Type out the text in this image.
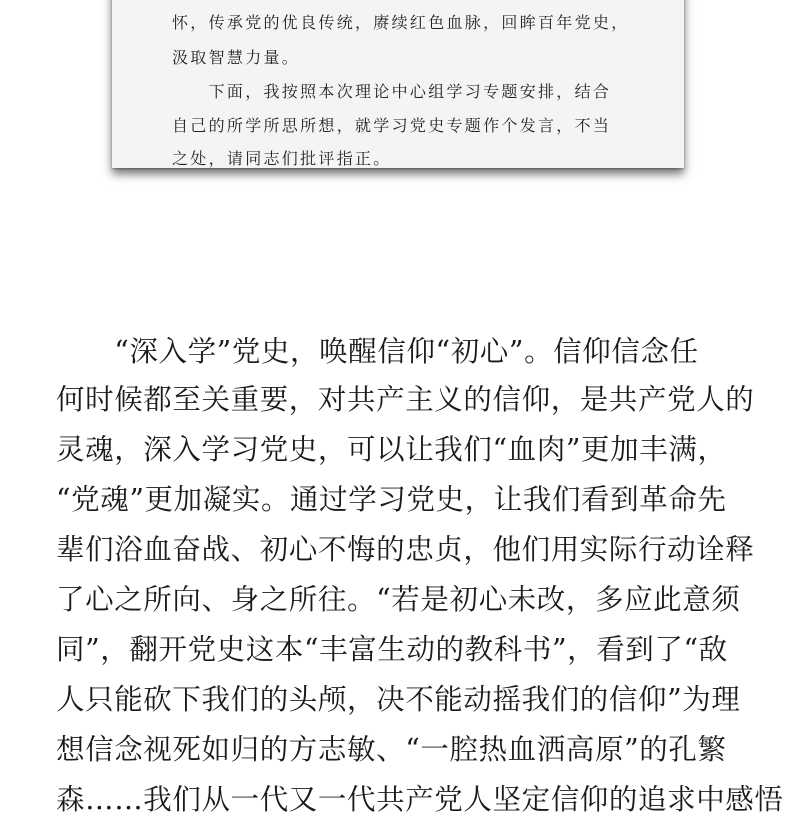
怀，传承党的优良传统，赓续红色血脉，回眸百年党史，

汲取智慧力量。

　　下面，我按照本次理论中心组学习专题安排，结合

自己的所学所思所想，就学习党史专题作个发言，不当

之处，请同志们批评指正。

　　“深入学”党史，唤醒信仰“初心”。信仰信念任

何时候都至关重要，对共产主义的信仰，是共产党人的

灵魂，深入学习党史，可以让我们“血肉”更加丰满，

“党魂”更加凝实。通过学习党史，让我们看到革命先

辈们浴血奋战、初心不悔的忠贞，他们用实际行动诠释

了心之所向、身之所往。“若是初心未改，多应此意须

同”，翻开党史这本“丰富生动的教科书”，看到了“敌

人只能砍下我们的头颅，决不能动摇我们的信仰”为理

想信念视死如归的方志敏、“一腔热血洒高原”的孔繁

森……我们从一代又一代共产党人坚定信仰的追求中感悟
